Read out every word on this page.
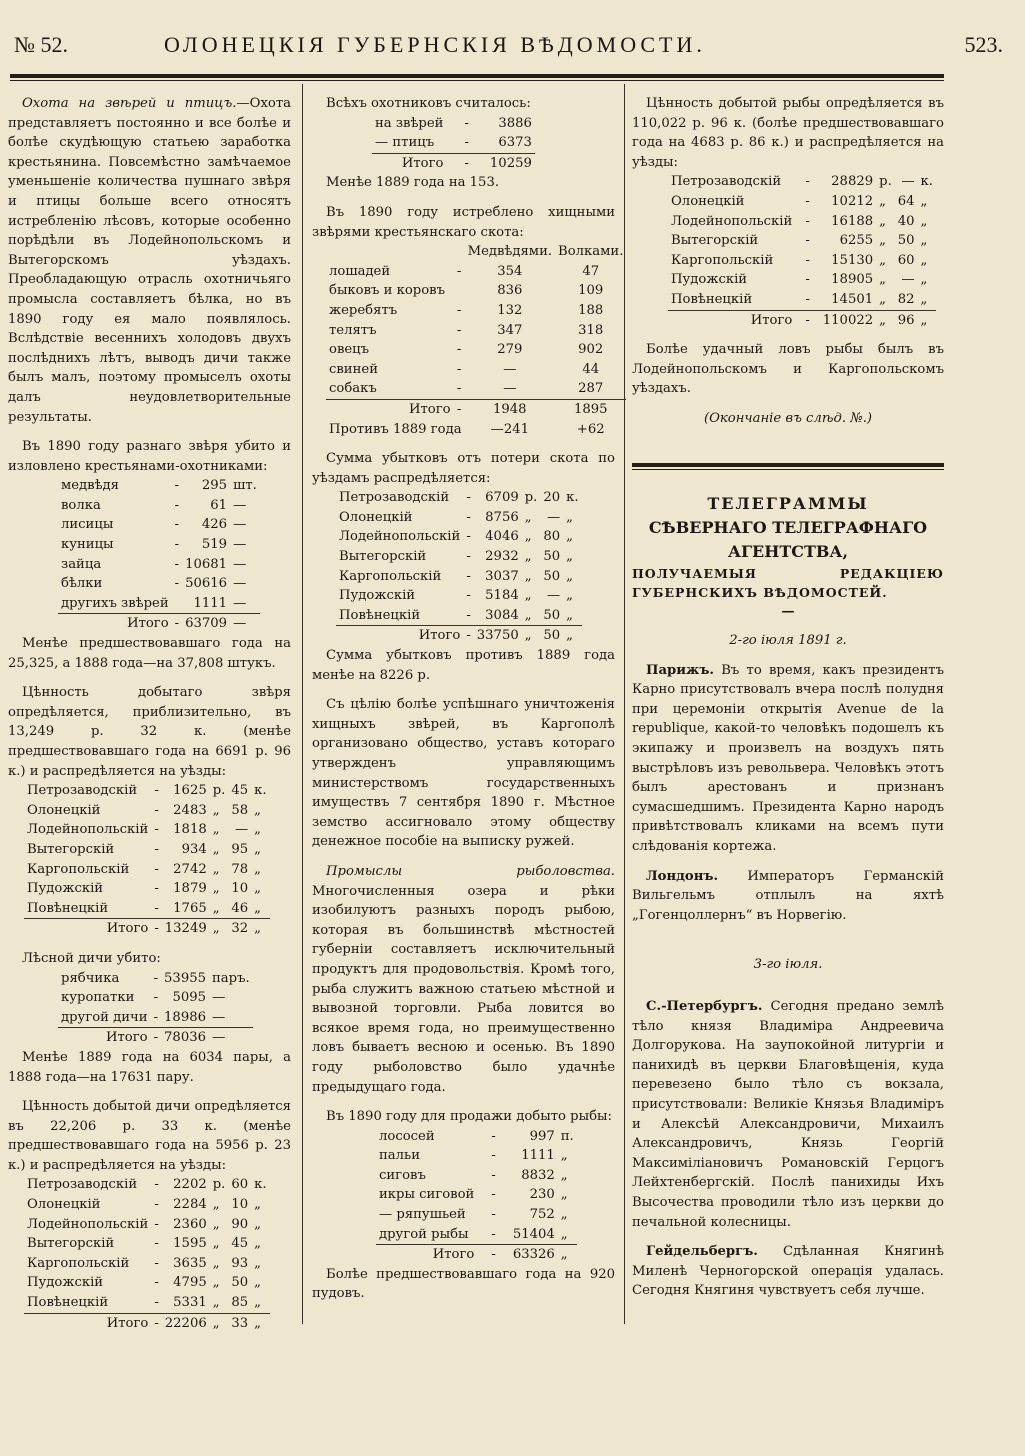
№ 52.	ОЛОНЕЦКІЯ ГУБЕРНСКІЯ ВѢДОМОСТИ.	523.

Охота на звѣрей и птицъ.—Охота представляетъ постоянно и все болѣе и болѣе скудѣющую статьею заработка крестьянина. Повсемѣстно замѣчаемое уменьшеніе количества пушнаго звѣря и птицы больше всего относятъ истребленію лѣсовъ, которые особенно порѣдѣли въ Лодейнопольскомъ и Вытегорскомъ уѣздахъ. Преобладающую отрасль охотничьяго промысла составляетъ бѣлка, но въ 1890 году ея мало появлялось. Вслѣдствіе весеннихъ холодовъ двухъ послѣднихъ лѣтъ, выводъ дичи также былъ малъ, поэтому промыселъ охоты далъ неудовлетворительные результаты.

Въ 1890 году разнаго звѣря убито и изловлено крестьянами-охотниками:

медвѣдя	-	295	шт.
волка	-	61	—
лисицы	-	426	—
куницы	-	519	—
зайца	-	10681	—
бѣлки	-	50616	—
другихъ звѣрей		1111	—
Итого	-	63709	—

Менѣе предшествовавшаго года на 25,325, а 1888 года—на 37,808 штукъ.

Цѣнность добытаго звѣря опредѣляется, приблизительно, въ 13,249 р. 32 к. (менѣе предшествовавшаго года на 6691 р. 96 к.) и распредѣляется на уѣзды:

Петрозаводскій	-	1625	р.	45	к.
Олонецкій	-	2483	„	58	„
Лодейнопольскій	-	1818	„	—	„
Вытегорскій	-	934	„	95	„
Каргопольскій	-	2742	„	78	„
Пудожскій	-	1879	„	10	„
Повѣнецкій	-	1765	„	46	„
Итого	-	13249	„	32	„

Лѣсной дичи убито:

рябчика	-	53955	паръ.
куропатки	-	5095	—
другой дичи	-	18986	—
Итого	-	78036	—

Менѣе 1889 года на 6034 пары, а 1888 года—на 17631 пару.

Цѣнность добытой дичи опредѣляется въ 22,206 р. 33 к. (менѣе предшествовавшаго года на 5956 р. 23 к.) и распредѣляется на уѣзды:

Петрозаводскій	-	2202	р.	60	к.
Олонецкій	-	2284	„	10	„
Лодейнопольскій	-	2360	„	90	„
Вытегорскій	-	1595	„	45	„
Каргопольскій	-	3635	„	93	„
Пудожскій	-	4795	„	50	„
Повѣнецкій	-	5331	„	85	„
Итого	-	22206	„	33	„

Всѣхъ охотниковъ считалось:

на звѣрей	-	3886
— птицъ	-	6373
Итого	-	10259

Менѣе 1889 года на 153.

Въ 1890 году истреблено хищными звѣрями крестьянскаго скота:

		Медвѣдями.	Волками.
лошадей	-	354	47
быковъ и коровъ		836	109
жеребятъ	-	132	188
телятъ	-	347	318
овецъ	-	279	902
свиней	-	—	44
собакъ	-	—	287
Итого	-	1948	1895
Противъ 1889 года		—241	+62

Сумма убытковъ отъ потери скота по уѣздамъ распредѣляется:

Петрозаводскій	-	6709	р.	20	к.
Олонецкій	-	8756	„	—	„
Лодейнопольскій	-	4046	„	80	„
Вытегорскій	-	2932	„	50	„
Каргопольскій	-	3037	„	50	„
Пудожскій	-	5184	„	—	„
Повѣнецкій	-	3084	„	50	„
Итого	-	33750	„	50	„

Сумма убытковъ противъ 1889 года менѣе на 8226 р.

Съ цѣлію болѣе успѣшнаго уничтоженія хищныхъ звѣрей, въ Каргополѣ организовано общество, уставъ котораго утвержденъ управляющимъ министерствомъ государственныхъ имуществъ 7 сентября 1890 г. Мѣстное земство ассигновало этому обществу денежное пособіе на выписку ружей.

Промыслы рыболовства. Многочисленныя озера и рѣки изобилуютъ разныхъ породъ рыбою, которая въ большинствѣ мѣстностей губерніи составляетъ исключительный продуктъ для продовольствія. Кромѣ того, рыба служитъ важною статьею мѣстной и вывозной торговли. Рыба ловится во всякое время года, но преимущественно ловъ бываетъ весною и осенью. Въ 1890 году рыболовство было удачнѣе предыдущаго года.

Въ 1890 году для продажи добыто рыбы:

лососей	-	997	п.
пальи	-	1111	„
сиговъ	-	8832	„
икры сиговой	-	230	„
— ряпушьей	-	752	„
другой рыбы	-	51404	„
Итого	-	63326	„

Болѣе предшествовавшаго года на 920 пудовъ.

Цѣнность добытой рыбы опредѣляется въ 110,022 р. 96 к. (болѣе предшествовавшаго года на 4683 р. 86 к.) и распредѣляется на уѣзды:

Петрозаводскій	-	28829	р.	—	к.
Олонецкій	-	10212	„	64	„
Лодейнопольскій	-	16188	„	40	„
Вытегорскій	-	6255	„	50	„
Каргопольскій	-	15130	„	60	„
Пудожскій	-	18905	„	—	„
Повѣнецкій	-	14501	„	82	„
Итого	-	110022	„	96	„

Болѣе удачный ловъ рыбы былъ въ Лодейнопольскомъ и Каргопольскомъ уѣздахъ.

(Окончаніе въ слѣд. №.)

ТЕЛЕГРАММЫ
СѢВЕРНАГО ТЕЛЕГРАФНАГО АГЕНТСТВА,
ПОЛУЧАЕМЫЯ РЕДАКЦІЕЮ ГУБЕРНСКИХЪ ВѢДОМОСТЕЙ.
—

2-го іюля 1891 г.

Парижъ. Въ то время, какъ президентъ Карно присутствовалъ вчера послѣ полудня при церемоніи открытія Avenue de la republique, какой-то человѣкъ подошелъ къ экипажу и произвелъ на воздухъ пять выстрѣловъ изъ револьвера. Человѣкъ этотъ былъ арестованъ и признанъ сумасшедшимъ. Президента Карно народъ привѣтствовалъ кликами на всемъ пути слѣдованія кортежа.

Лондонъ. Императоръ Германскій Вильгельмъ отплылъ на яхтѣ „Гогенцоллернъ“ въ Норвегію.

3-го іюля.

С.-Петербургъ. Сегодня предано землѣ тѣло князя Владиміра Андреевича Долгорукова. На заупокойной литургіи и панихидѣ въ церкви Благовѣщенія, куда перевезено было тѣло съ вокзала, присутствовали: Великіе Князья Владиміръ и Алексѣй Александровичи, Михаилъ Александровичъ, Князь Георгій Максиміліановичъ Романовскій Герцогъ Лейхтенбергскій. Послѣ панихиды Ихъ Высочества проводили тѣло изъ церкви до печальной колесницы.

Гейдельбергъ. Сдѣланная Княгинѣ Миленѣ Черногорской операція удалась. Сегодня Княгиня чувствуетъ себя лучше.
